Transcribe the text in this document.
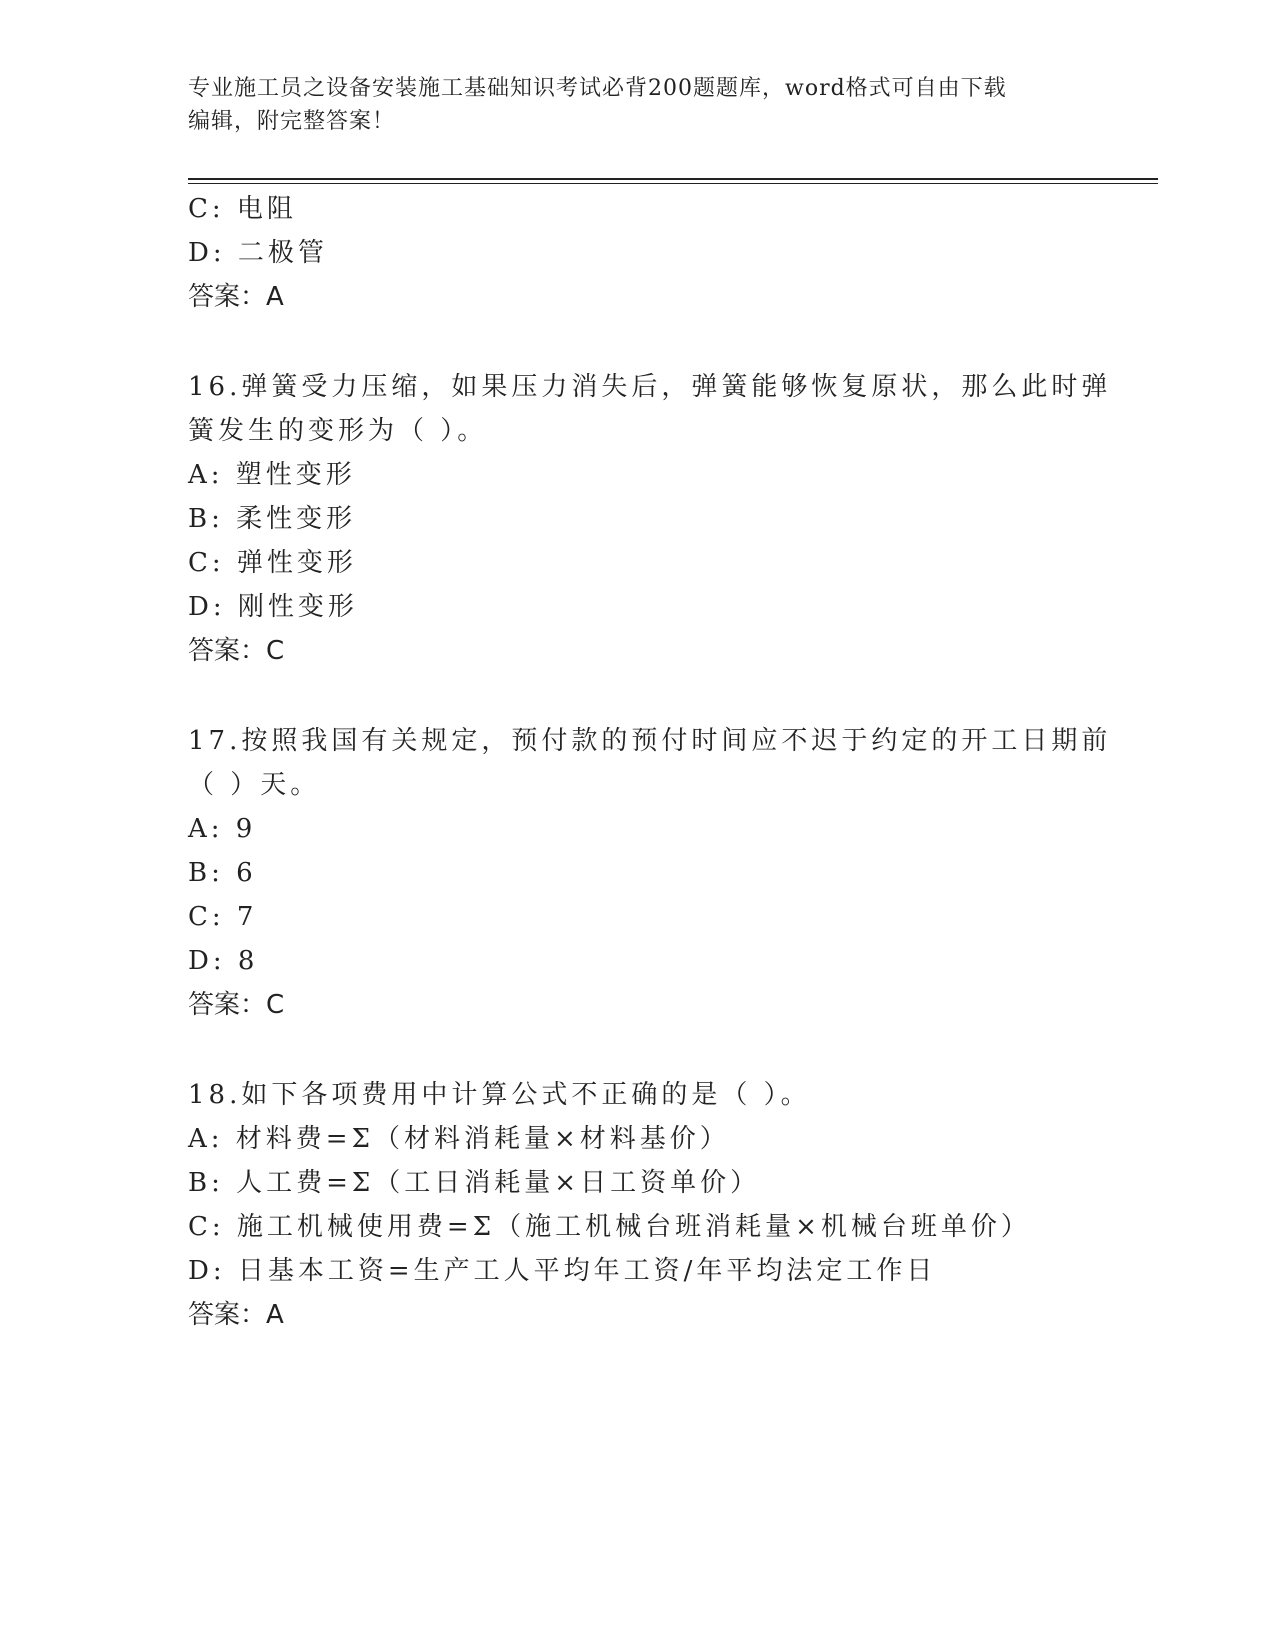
专业施工员之设备安装施工基础知识考试必背200题题库，word格式可自由下载
编辑，附完整答案！
C: 电阻
D: 二极管
答案：A
16.弹簧受力压缩，如果压力消失后，弹簧能够恢复原状，那么此时弹
簧发生的变形为（ ）。
A: 塑性变形
B: 柔性变形
C: 弹性变形
D: 刚性变形
答案：C
17.按照我国有关规定，预付款的预付时间应不迟于约定的开工日期前
（ ）天。
A: 9
B: 6
C: 7
D: 8
答案：C
18.如下各项费用中计算公式不正确的是（ ）。
A: 材料费=Σ（材料消耗量×材料基价）
B: 人工费=Σ（工日消耗量×日工资单价）
C: 施工机械使用费=Σ（施工机械台班消耗量×机械台班单价）
D: 日基本工资=生产工人平均年工资/年平均法定工作日
答案：A
